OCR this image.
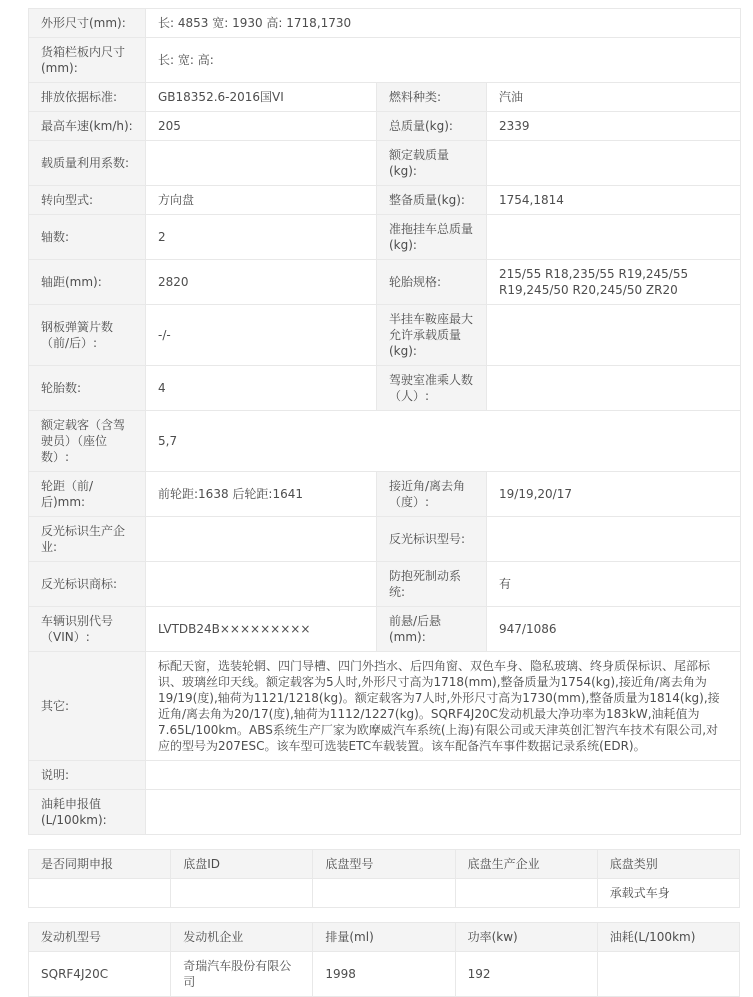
外形尺寸(mm):	长: 4853 宽: 1930 高: 1718,1730		
货箱栏板内尺寸(mm):	长: 宽: 高:		
排放依据标准:	GB18352.6-2016国VI	燃料种类:	汽油
最高车速(km/h):	205	总质量(kg):	2339
载质量利用系数:		额定载质量(kg):	
转向型式:	方向盘	整备质量(kg):	1754,1814
轴数:	2	准拖挂车总质量(kg):	
轴距(mm):	2820	轮胎规格:	215/55 R18,235/55 R19,245/55 R19,245/50 R20,245/50 ZR20
钢板弹簧片数（前/后）:	-/-	半挂车鞍座最大允许承载质量(kg):	
轮胎数:	4	驾驶室准乘人数（人）:	
额定载客（含驾驶员）（座位数）:	5,7		
轮距（前/后)mm:	前轮距:1638 后轮距:1641	接近角/离去角（度）:	19/19,20/17
反光标识生产企业:		反光标识型号:	
反光标识商标:		防抱死制动系统:	有
车辆识别代号（VIN）:	LVTDB24B×××××××××	前悬/后悬(mm):	947/1086
其它:	标配天窗，选装轮辋、四门导槽、四门外挡水、后四角窗、双色车身、隐私玻璃、终身质保标识、尾部标识、玻璃丝印天线。额定载客为5人时,外形尺寸高为1718(mm),整备质量为1754(kg),接近角/离去角为19/19(度),轴荷为1121/1218(kg)。额定载客为7人时,外形尺寸高为1730(mm),整备质量为1814(kg),接近角/离去角为20/17(度),轴荷为1112/1227(kg)。SQRF4J20C发动机最大净功率为183kW,油耗值为7.65L/100km。ABS系统生产厂家为欧摩威汽车系统(上海)有限公司或天津英创汇智汽车技术有限公司,对应的型号为207ESC。该车型可选装ETC车载装置。该车配备汽车事件数据记录系统(EDR)。		
说明:			
油耗申报值(L/100km):			
是否同期申报	底盘ID	底盘型号	底盘生产企业	底盘类别
				承载式车身
发动机型号	发动机企业	排量(ml)	功率(kw)	油耗(L/100km)
SQRF4J20C	奇瑞汽车股份有限公司	1998	192	
